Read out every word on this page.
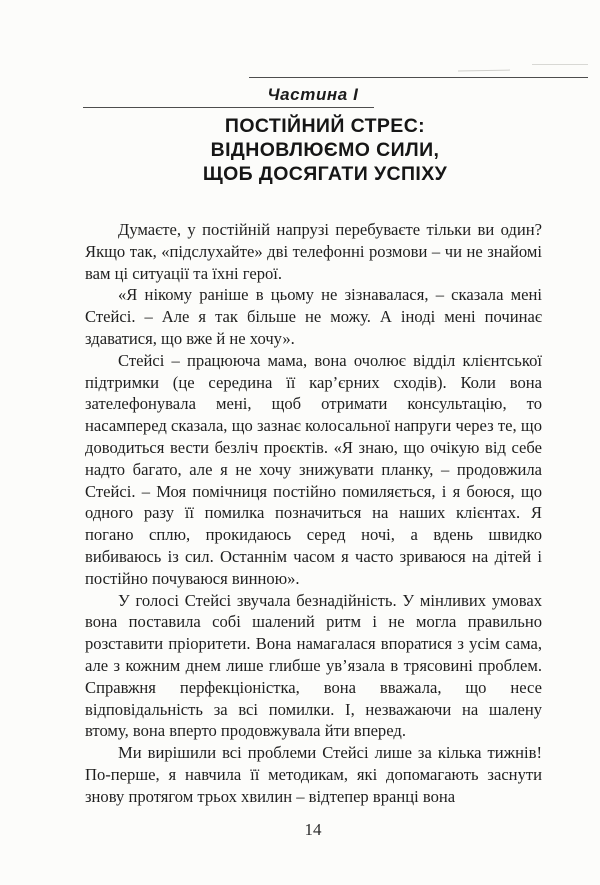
Частина I
ПОСТІЙНИЙ СТРЕС:
ВІДНОВЛЮЄМО СИЛИ,
ЩОБ ДОСЯГАТИ УСПІХУ

Думаєте, у постійній напрузі перебуваєте тільки ви один? Якщо так, «підслухайте» дві телефонні розмови – чи не знайомі вам ці ситуації та їхні герої.

«Я нікому раніше в цьому не зізнавалася, – сказала мені Стейсі. – Але я так більше не можу. А іноді мені починає здаватися, що вже й не хочу».

Стейсі – працююча мама, вона очолює відділ клієнтської підтримки (це середина її кар’єрних сходів). Коли вона зателефонувала мені, щоб отримати консультацію, то насамперед сказала, що зазнає колосальної напруги через те, що доводиться вести безліч проєктів. «Я знаю, що очікую від себе надто багато, але я не хочу знижувати планку, – продовжила Стейсі. – Моя помічниця постійно помиляється, і я боюся, що одного разу її помилка позначиться на наших клієнтах. Я погано сплю, прокидаюсь серед ночі, а вдень швидко вибиваюсь із сил. Останнім часом я часто зриваюся на дітей і постійно почуваюся винною».

У голосі Стейсі звучала безнадійність. У мінливих умовах вона поставила собі шалений ритм і не могла правильно розставити пріоритети. Вона намагалася впоратися з усім сама, але з кожним днем лише глибше ув’язала в трясовині проблем. Справжня перфекціоністка, вона вважала, що несе відповідальність за всі помилки. І, незважаючи на шалену втому, вона вперто продовжувала йти вперед.

Ми вирішили всі проблеми Стейсі лише за кілька тижнів! По-перше, я навчила її методикам, які допомагають заснути знову протягом трьох хвилин – відтепер вранці вона

14
